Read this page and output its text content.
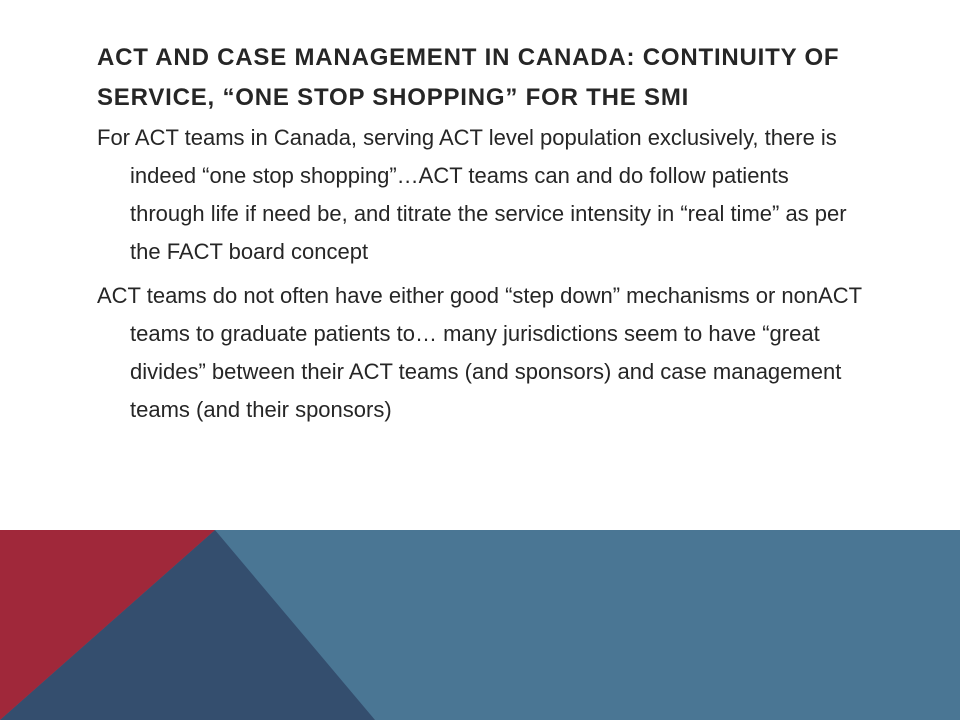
ACT AND CASE MANAGEMENT IN CANADA: CONTINUITY OF SERVICE, “ONE STOP SHOPPING” FOR THE SMI
For ACT teams in Canada, serving ACT level population exclusively, there is indeed “one stop shopping”…ACT teams can and do follow patients through life if need be, and titrate the service intensity in “real time” as per the FACT board concept
ACT teams do not often have either good “step down” mechanisms or nonACT teams to graduate patients to… many jurisdictions seem to have “great divides” between their ACT teams (and sponsors) and case management teams (and their sponsors)
